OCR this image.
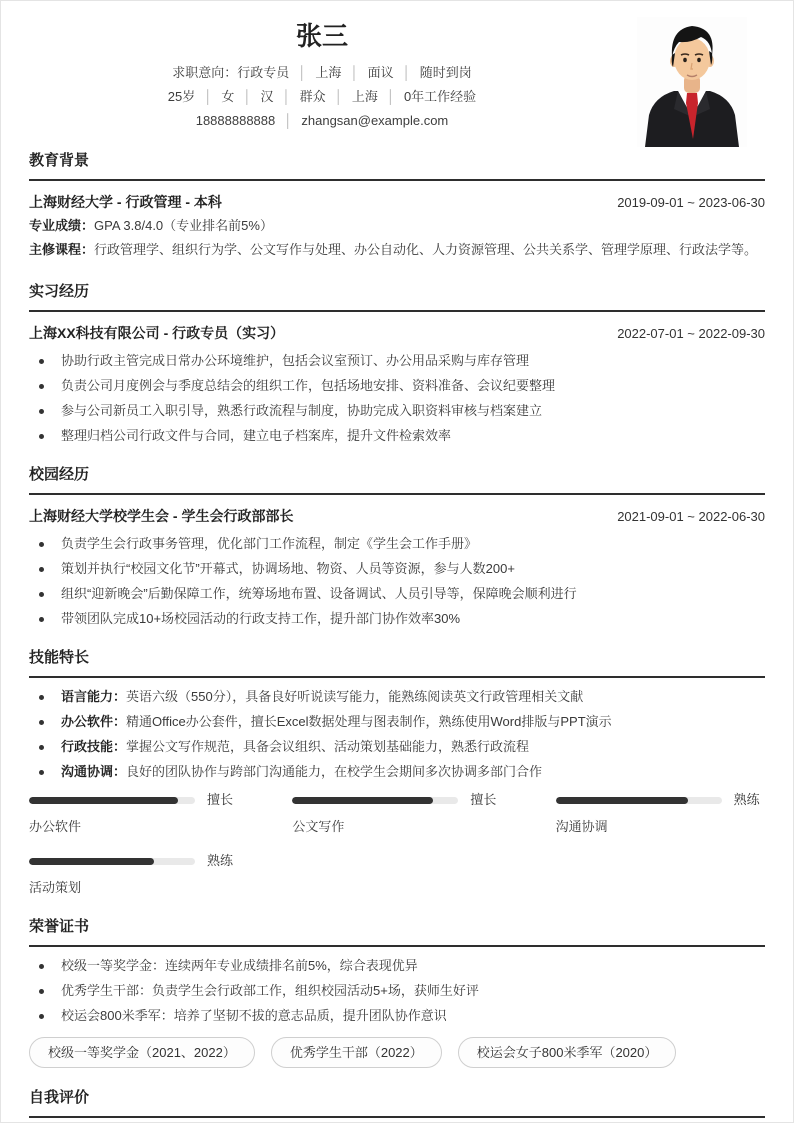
张三
求职意向：行政专员 │ 上海 │ 面议 │ 随时到岗
25岁 │ 女 │ 汉 │ 群众 │ 上海 │ 0年工作经验
18888888888 │ zhangsan@example.com
教育背景
上海财经大学 - 行政管理 - 本科	2019-09-01 ~ 2023-06-30
专业成绩：GPA 3.8/4.0（专业排名前5%）
主修课程：行政管理学、组织行为学、公文写作与处理、办公自动化、人力资源管理、公共关系学、管理学原理、行政法学等。
实习经历
上海XX科技有限公司 - 行政专员（实习）	2022-07-01 ~ 2022-09-30
协助行政主管完成日常办公环境维护，包括会议室预订、办公用品采购与库存管理
负责公司月度例会与季度总结会的组织工作，包括场地安排、资料准备、会议纪要整理
参与公司新员工入职引导，熟悉行政流程与制度，协助完成入职资料审核与档案建立
整理归档公司行政文件与合同，建立电子档案库，提升文件检索效率
校园经历
上海财经大学校学生会 - 学生会行政部部长	2021-09-01 ~ 2022-06-30
负责学生会行政事务管理，优化部门工作流程，制定《学生会工作手册》
策划并执行“校园文化节”开幕式，协调场地、物资、人员等资源，参与人数200+
组织“迎新晚会”后勤保障工作，统筹场地布置、设备调试、人员引导等，保障晚会顺利进行
带领团队完成10+场校园活动的行政支持工作，提升部门协作效率30%
技能特长
语言能力：英语六级（550分），具备良好听说读写能力，能熟练阅读英文行政管理相关文献
办公软件：精通Office办公套件，擅长Excel数据处理与图表制作，熟练使用Word排版与PPT演示
行政技能：掌握公文写作规范，具备会议组织、活动策划基础能力，熟悉行政流程
沟通协调：良好的团队协作与跨部门沟通能力，在校学生会期间多次协调多部门合作
擅长
办公软件
擅长
公文写作
熟练
沟通协调
熟练
活动策划
荣誉证书
校级一等奖学金：连续两年专业成绩排名前5%，综合表现优异
优秀学生干部：负责学生会行政部工作，组织校园活动5+场，获师生好评
校运会800米季军：培养了坚韧不拔的意志品质，提升团队协作意识
校级一等奖学金（2021、2022）	优秀学生干部（2022）	校运会女子800米季军（2020）
自我评价
